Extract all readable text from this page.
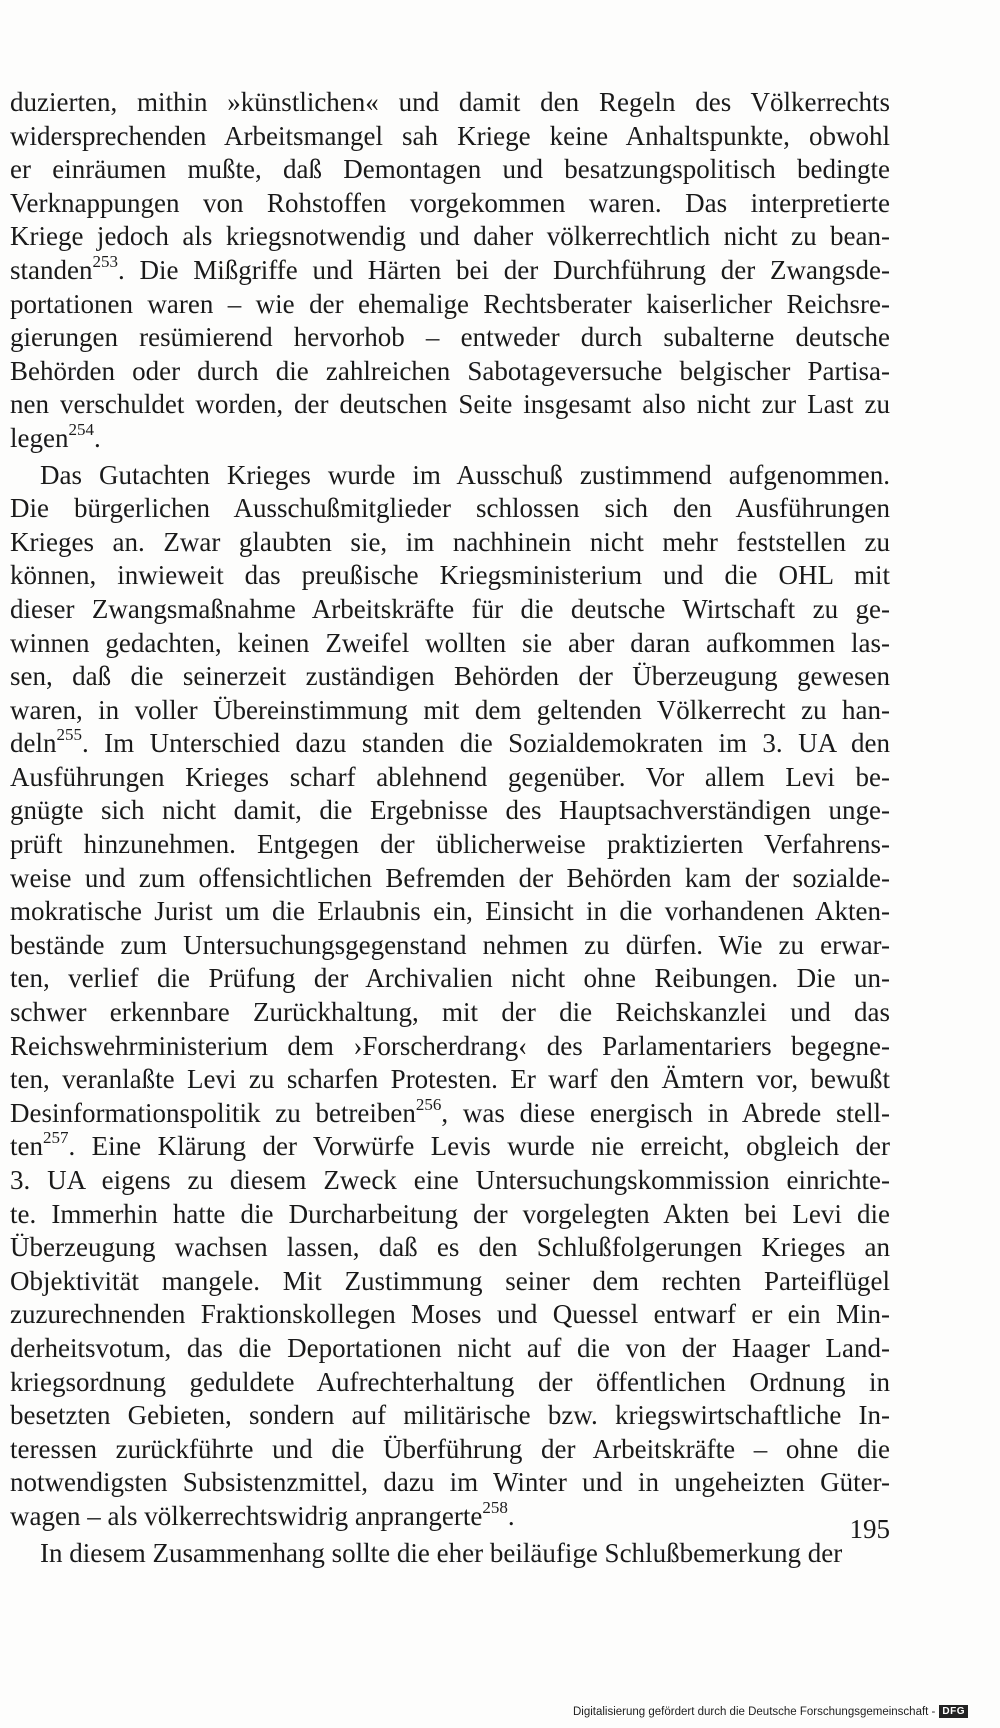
duzierten, mithin »künstlichen« und damit den Regeln des Völkerrechts
widersprechenden Arbeitsmangel sah Kriege keine Anhaltspunkte, obwohl
er einräumen mußte, daß Demontagen und besatzungspolitisch bedingte
Verknappungen von Rohstoffen vorgekommen waren. Das interpretierte
Kriege jedoch als kriegsnotwendig und daher völkerrechtlich nicht zu bean-
standen$^{253}$. Die Mißgriffe und Härten bei der Durchführung der Zwangsde-
portationen waren – wie der ehemalige Rechtsberater kaiserlicher Reichsre-
gierungen resümierend hervorhob – entweder durch subalterne deutsche
Behörden oder durch die zahlreichen Sabotageversuche belgischer Partisa-
nen verschuldet worden, der deutschen Seite insgesamt also nicht zur Last zu
legen$^{254}$.
Das Gutachten Krieges wurde im Ausschuß zustimmend aufgenommen.
Die bürgerlichen Ausschußmitglieder schlossen sich den Ausführungen
Krieges an. Zwar glaubten sie, im nachhinein nicht mehr feststellen zu
können, inwieweit das preußische Kriegsministerium und die OHL mit
dieser Zwangsmaßnahme Arbeitskräfte für die deutsche Wirtschaft zu ge-
winnen gedachten, keinen Zweifel wollten sie aber daran aufkommen las-
sen, daß die seinerzeit zuständigen Behörden der Überzeugung gewesen
waren, in voller Übereinstimmung mit dem geltenden Völkerrecht zu han-
deln$^{255}$. Im Unterschied dazu standen die Sozialdemokraten im 3. UA den
Ausführungen Krieges scharf ablehnend gegenüber. Vor allem Levi be-
gnügte sich nicht damit, die Ergebnisse des Hauptsachverständigen unge-
prüft hinzunehmen. Entgegen der üblicherweise praktizierten Verfahrens-
weise und zum offensichtlichen Befremden der Behörden kam der sozialde-
mokratische Jurist um die Erlaubnis ein, Einsicht in die vorhandenen Akten-
bestände zum Untersuchungsgegenstand nehmen zu dürfen. Wie zu erwar-
ten, verlief die Prüfung der Archivalien nicht ohne Reibungen. Die un-
schwer erkennbare Zurückhaltung, mit der die Reichskanzlei und das
Reichswehrministerium dem ›Forscherdrang‹ des Parlamentariers begegne-
ten, veranlaßte Levi zu scharfen Protesten. Er warf den Ämtern vor, bewußt
Desinformationspolitik zu betreiben$^{256}$, was diese energisch in Abrede stell-
ten$^{257}$. Eine Klärung der Vorwürfe Levis wurde nie erreicht, obgleich der
3. UA eigens zu diesem Zweck eine Untersuchungskommission einrichte-
te. Immerhin hatte die Durcharbeitung der vorgelegten Akten bei Levi die
Überzeugung wachsen lassen, daß es den Schlußfolgerungen Krieges an
Objektivität mangele. Mit Zustimmung seiner dem rechten Parteiflügel
zuzurechnenden Fraktionskollegen Moses und Quessel entwarf er ein Min-
derheitsvotum, das die Deportationen nicht auf die von der Haager Land-
kriegsordnung geduldete Aufrechterhaltung der öffentlichen Ordnung in
besetzten Gebieten, sondern auf militärische bzw. kriegswirtschaftliche In-
teressen zurückführte und die Überführung der Arbeitskräfte – ohne die
notwendigsten Subsistenzmittel, dazu im Winter und in ungeheizten Güter-
wagen – als völkerrechtswidrig anprangerte$^{258}$.
In diesem Zusammenhang sollte die eher beiläufige Schlußbemerkung der
195
Digitalisierung gefördert durch die Deutsche Forschungsgemeinschaft - DFG
